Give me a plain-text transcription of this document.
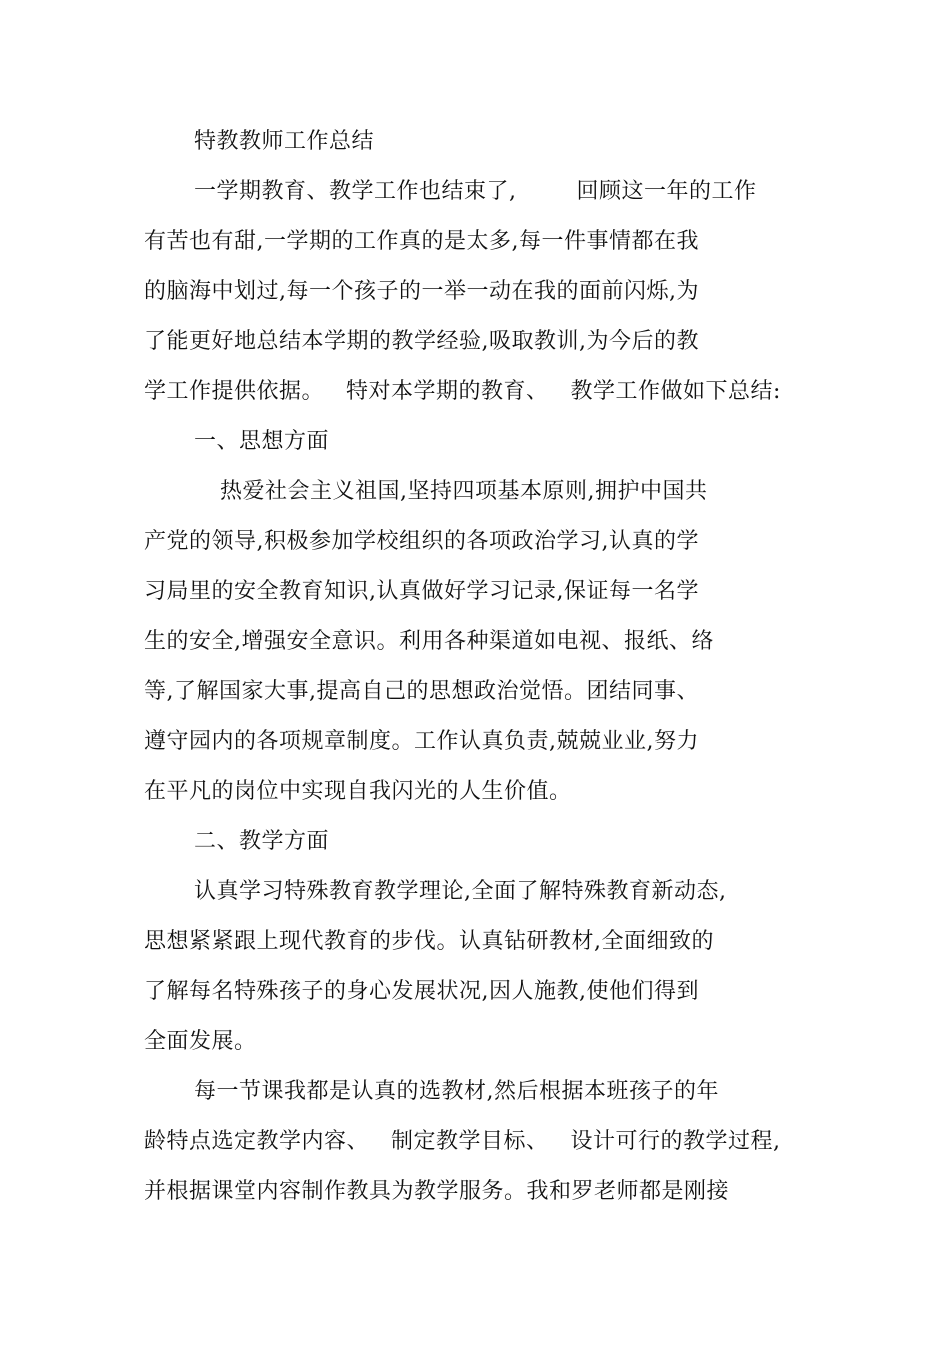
特教教师工作总结
一学期教育、教学工作也结束了,	回顾这一年的工作
有苦也有甜,一学期的工作真的是太多,每一件事情都在我
的脑海中划过,每一个孩子的一举一动在我的面前闪烁,为
了能更好地总结本学期的教学经验,吸取教训,为今后的教
学工作提供依据。 特对本学期的教育、 教学工作做如下总结:
一、思想方面
热爱社会主义祖国,坚持四项基本原则,拥护中国共
产党的领导,积极参加学校组织的各项政治学习,认真的学
习局里的安全教育知识,认真做好学习记录,保证每一名学
生的安全,增强安全意识。利用各种渠道如电视、报纸、络
等,了解国家大事,提高自己的思想政治觉悟。团结同事、
遵守园内的各项规章制度。工作认真负责,兢兢业业,努力
在平凡的岗位中实现自我闪光的人生价值。
二、教学方面
认真学习特殊教育教学理论,全面了解特殊教育新动态,
思想紧紧跟上现代教育的步伐。认真钻研教材,全面细致的
了解每名特殊孩子的身心发展状况,因人施教,使他们得到
全面发展。
每一节课我都是认真的选教材,然后根据本班孩子的年
龄特点选定教学内容、 制定教学目标、 设计可行的教学过程,
并根据课堂内容制作教具为教学服务。我和罗老师都是刚接
